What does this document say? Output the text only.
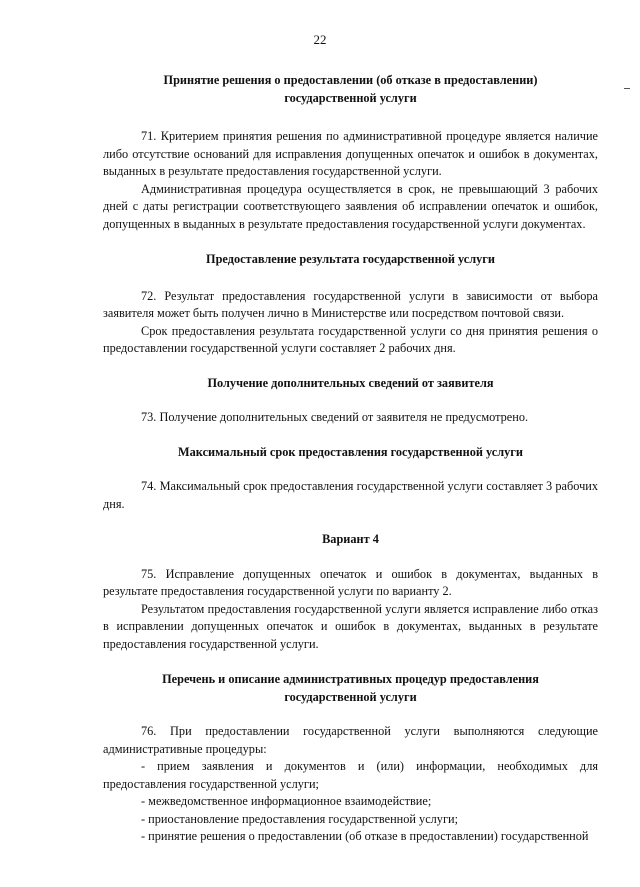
22

Принятие решения о предоставлении (об отказе в предоставлении) государственной услуги

71. Критерием принятия решения по административной процедуре является наличие либо отсутствие оснований для исправления допущенных опечаток и ошибок в документах, выданных в результате предоставления государственной услуги.

Административная процедура осуществляется в срок, не превышающий 3 рабочих дней с даты регистрации соответствующего заявления об исправлении опечаток и ошибок, допущенных в выданных в результате предоставления государственной услуги документах.

Предоставление результата государственной услуги

72. Результат предоставления государственной услуги в зависимости от выбора заявителя может быть получен лично в Министерстве или посредством почтовой связи.

Срок предоставления результата государственной услуги со дня принятия решения о предоставлении государственной услуги составляет 2 рабочих дня.

Получение дополнительных сведений от заявителя

73. Получение дополнительных сведений от заявителя не предусмотрено.

Максимальный срок предоставления государственной услуги

74. Максимальный срок предоставления государственной услуги составляет 3 рабочих дня.

Вариант 4

75. Исправление допущенных опечаток и ошибок в документах, выданных в результате предоставления государственной услуги по варианту 2.

Результатом предоставления государственной услуги является исправление либо отказ в исправлении допущенных опечаток и ошибок в документах, выданных в результате предоставления государственной услуги.

Перечень и описание административных процедур предоставления государственной услуги

76. При предоставлении государственной услуги выполняются следующие административные процедуры:

- прием заявления и документов и (или) информации, необходимых для предоставления государственной услуги;

- межведомственное информационное взаимодействие;

- приостановление предоставления государственной услуги;

- принятие решения о предоставлении (об отказе в предоставлении) государственной
